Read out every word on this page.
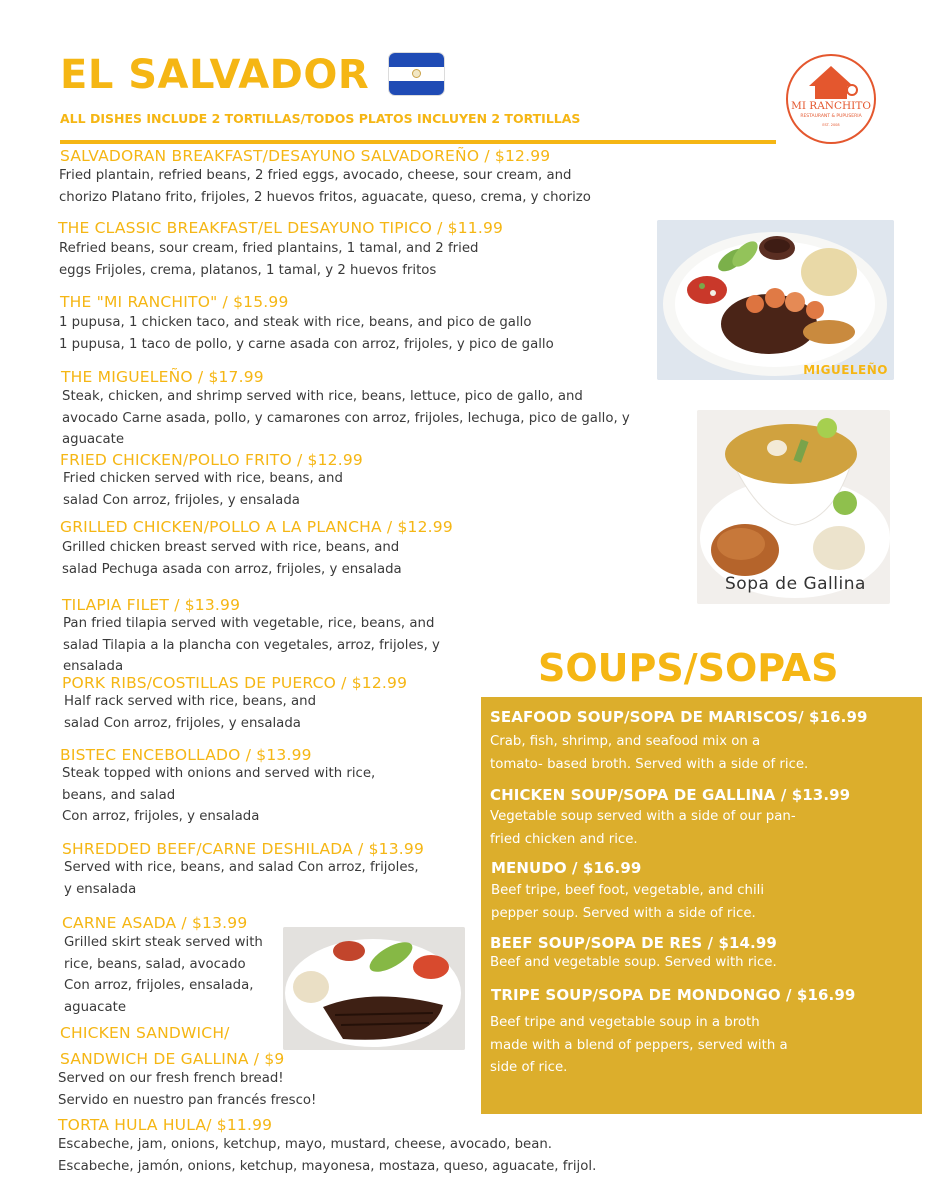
EL SALVADOR
ALL DISHES INCLUDE 2 TORTILLAS/TODOS PLATOS INCLUYEN 2 TORTILLAS
MI RANCHITO
RESTAURANT & PUPUSERIA
EST. 2008
SALVADORAN BREAKFAST/DESAYUNO SALVADOREÑO / $12.99
Fried plantain, refried beans, 2 fried eggs, avocado, cheese, sour cream, and
chorizo Platano frito, frijoles, 2 huevos fritos, aguacate, queso, crema, y chorizo
THE CLASSIC BREAKFAST/EL DESAYUNO TIPICO / $11.99
Refried beans, sour cream, fried plantains, 1 tamal, and 2 fried
eggs Frijoles, crema, platanos, 1 tamal, y 2 huevos fritos
THE "MI RANCHITO" / $15.99
1 pupusa, 1 chicken taco, and steak with rice, beans, and pico de gallo
1 pupusa, 1 taco de pollo, y carne asada con arroz, frijoles, y pico de gallo
THE MIGUELEÑO / $17.99
Steak, chicken, and shrimp served with rice, beans, lettuce, pico de gallo, and
avocado Carne asada, pollo, y camarones con arroz, frijoles, lechuga, pico de gallo, y
aguacate
FRIED CHICKEN/POLLO FRITO / $12.99
Fried chicken served with rice, beans, and
salad Con arroz, frijoles, y ensalada
GRILLED CHICKEN/POLLO A LA PLANCHA / $12.99
Grilled chicken breast served with rice, beans, and
salad Pechuga asada con arroz, frijoles, y ensalada
TILAPIA FILET / $13.99
Pan fried tilapia served with vegetable, rice, beans, and
salad Tilapia a la plancha con vegetales, arroz, frijoles, y
ensalada
PORK RIBS/COSTILLAS DE PUERCO / $12.99
Half rack served with rice, beans, and
salad Con arroz, frijoles, y ensalada
BISTEC ENCEBOLLADO / $13.99
Steak topped with onions and served with rice,
beans, and salad
Con arroz, frijoles, y ensalada
SHREDDED BEEF/CARNE DESHILADA / $13.99
Served with rice, beans, and salad Con arroz, frijoles,
y ensalada
CARNE ASADA / $13.99
Grilled skirt steak served with
rice, beans, salad, avocado
Con arroz, frijoles, ensalada,
aguacate
CHICKEN SANDWICH/
SANDWICH DE GALLINA / $9
Served on our fresh french bread!
Servido en nuestro pan francés fresco!
TORTA HULA HULA/ $11.99
Escabeche, jam, onions, ketchup, mayo, mustard, cheese, avocado, bean.
Escabeche, jamón, onions, ketchup, mayonesa, mostaza, queso, aguacate, frijol.
MIGUELEÑO
Sopa de Gallina
SOUPS/SOPAS
SEAFOOD SOUP/SOPA DE MARISCOS/ $16.99
Crab, fish, shrimp, and seafood mix on a
tomato- based broth. Served with a side of rice.
CHICKEN SOUP/SOPA DE GALLINA / $13.99
Vegetable soup served with a side of our pan-
fried chicken and rice.
MENUDO / $16.99
Beef tripe, beef foot, vegetable, and chili
pepper soup. Served with a side of rice.
BEEF SOUP/SOPA DE RES / $14.99
Beef and vegetable soup. Served with rice.
TRIPE SOUP/SOPA DE MONDONGO / $16.99
Beef tripe and vegetable soup in a broth
made with a blend of peppers, served with a
side of rice.
